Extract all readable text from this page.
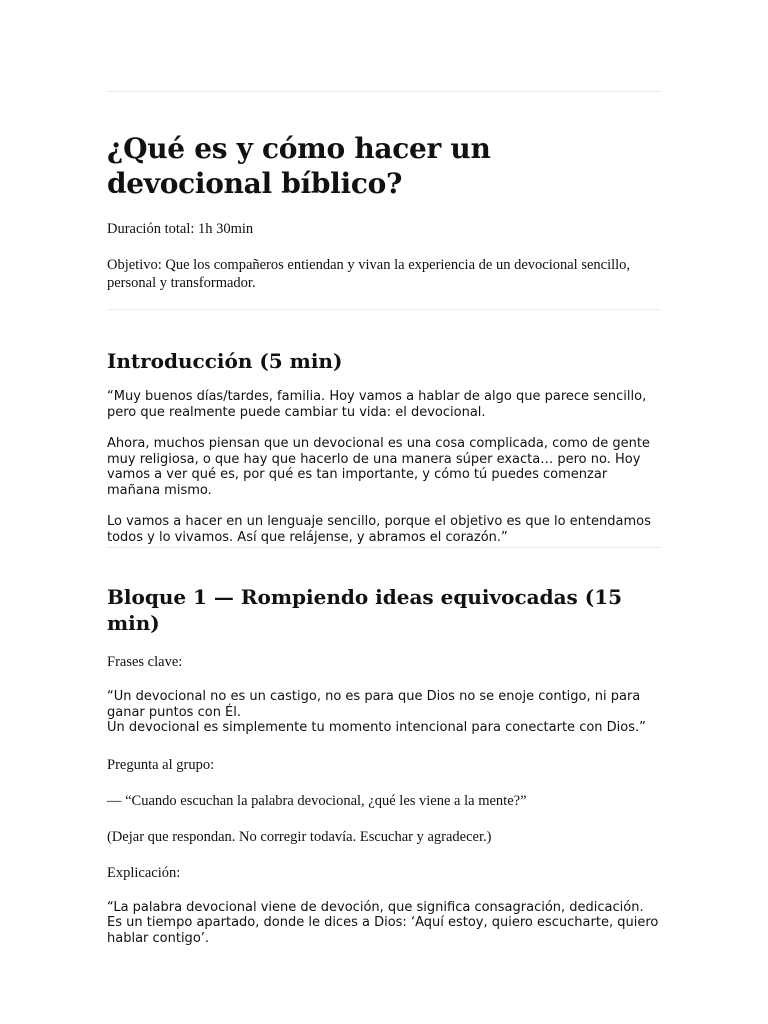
¿Qué es y cómo hacer un devocional bíblico?

Duración total: 1h 30min

Objetivo: Que los compañeros entiendan y vivan la experiencia de un devocional sencillo, personal y transformador.

Introducción (5 min)

“Muy buenos días/tardes, familia. Hoy vamos a hablar de algo que parece sencillo, pero que realmente puede cambiar tu vida: el devocional.

Ahora, muchos piensan que un devocional es una cosa complicada, como de gente muy religiosa, o que hay que hacerlo de una manera súper exacta… pero no. Hoy vamos a ver qué es, por qué es tan importante, y cómo tú puedes comenzar mañana mismo.

Lo vamos a hacer en un lenguaje sencillo, porque el objetivo es que lo entendamos todos y lo vivamos. Así que relájense, y abramos el corazón.”

Bloque 1 — Rompiendo ideas equivocadas (15 min)

Frases clave:

“Un devocional no es un castigo, no es para que Dios no se enoje contigo, ni para ganar puntos con Él.

Un devocional es simplemente tu momento intencional para conectarte con Dios.”

Pregunta al grupo:

— “Cuando escuchan la palabra devocional, ¿qué les viene a la mente?”

(Dejar que respondan. No corregir todavía. Escuchar y agradecer.)

Explicación:

“La palabra devocional viene de devoción, que significa consagración, dedicación. Es un tiempo apartado, donde le dices a Dios: ‘Aquí estoy, quiero escucharte, quiero hablar contigo’.
